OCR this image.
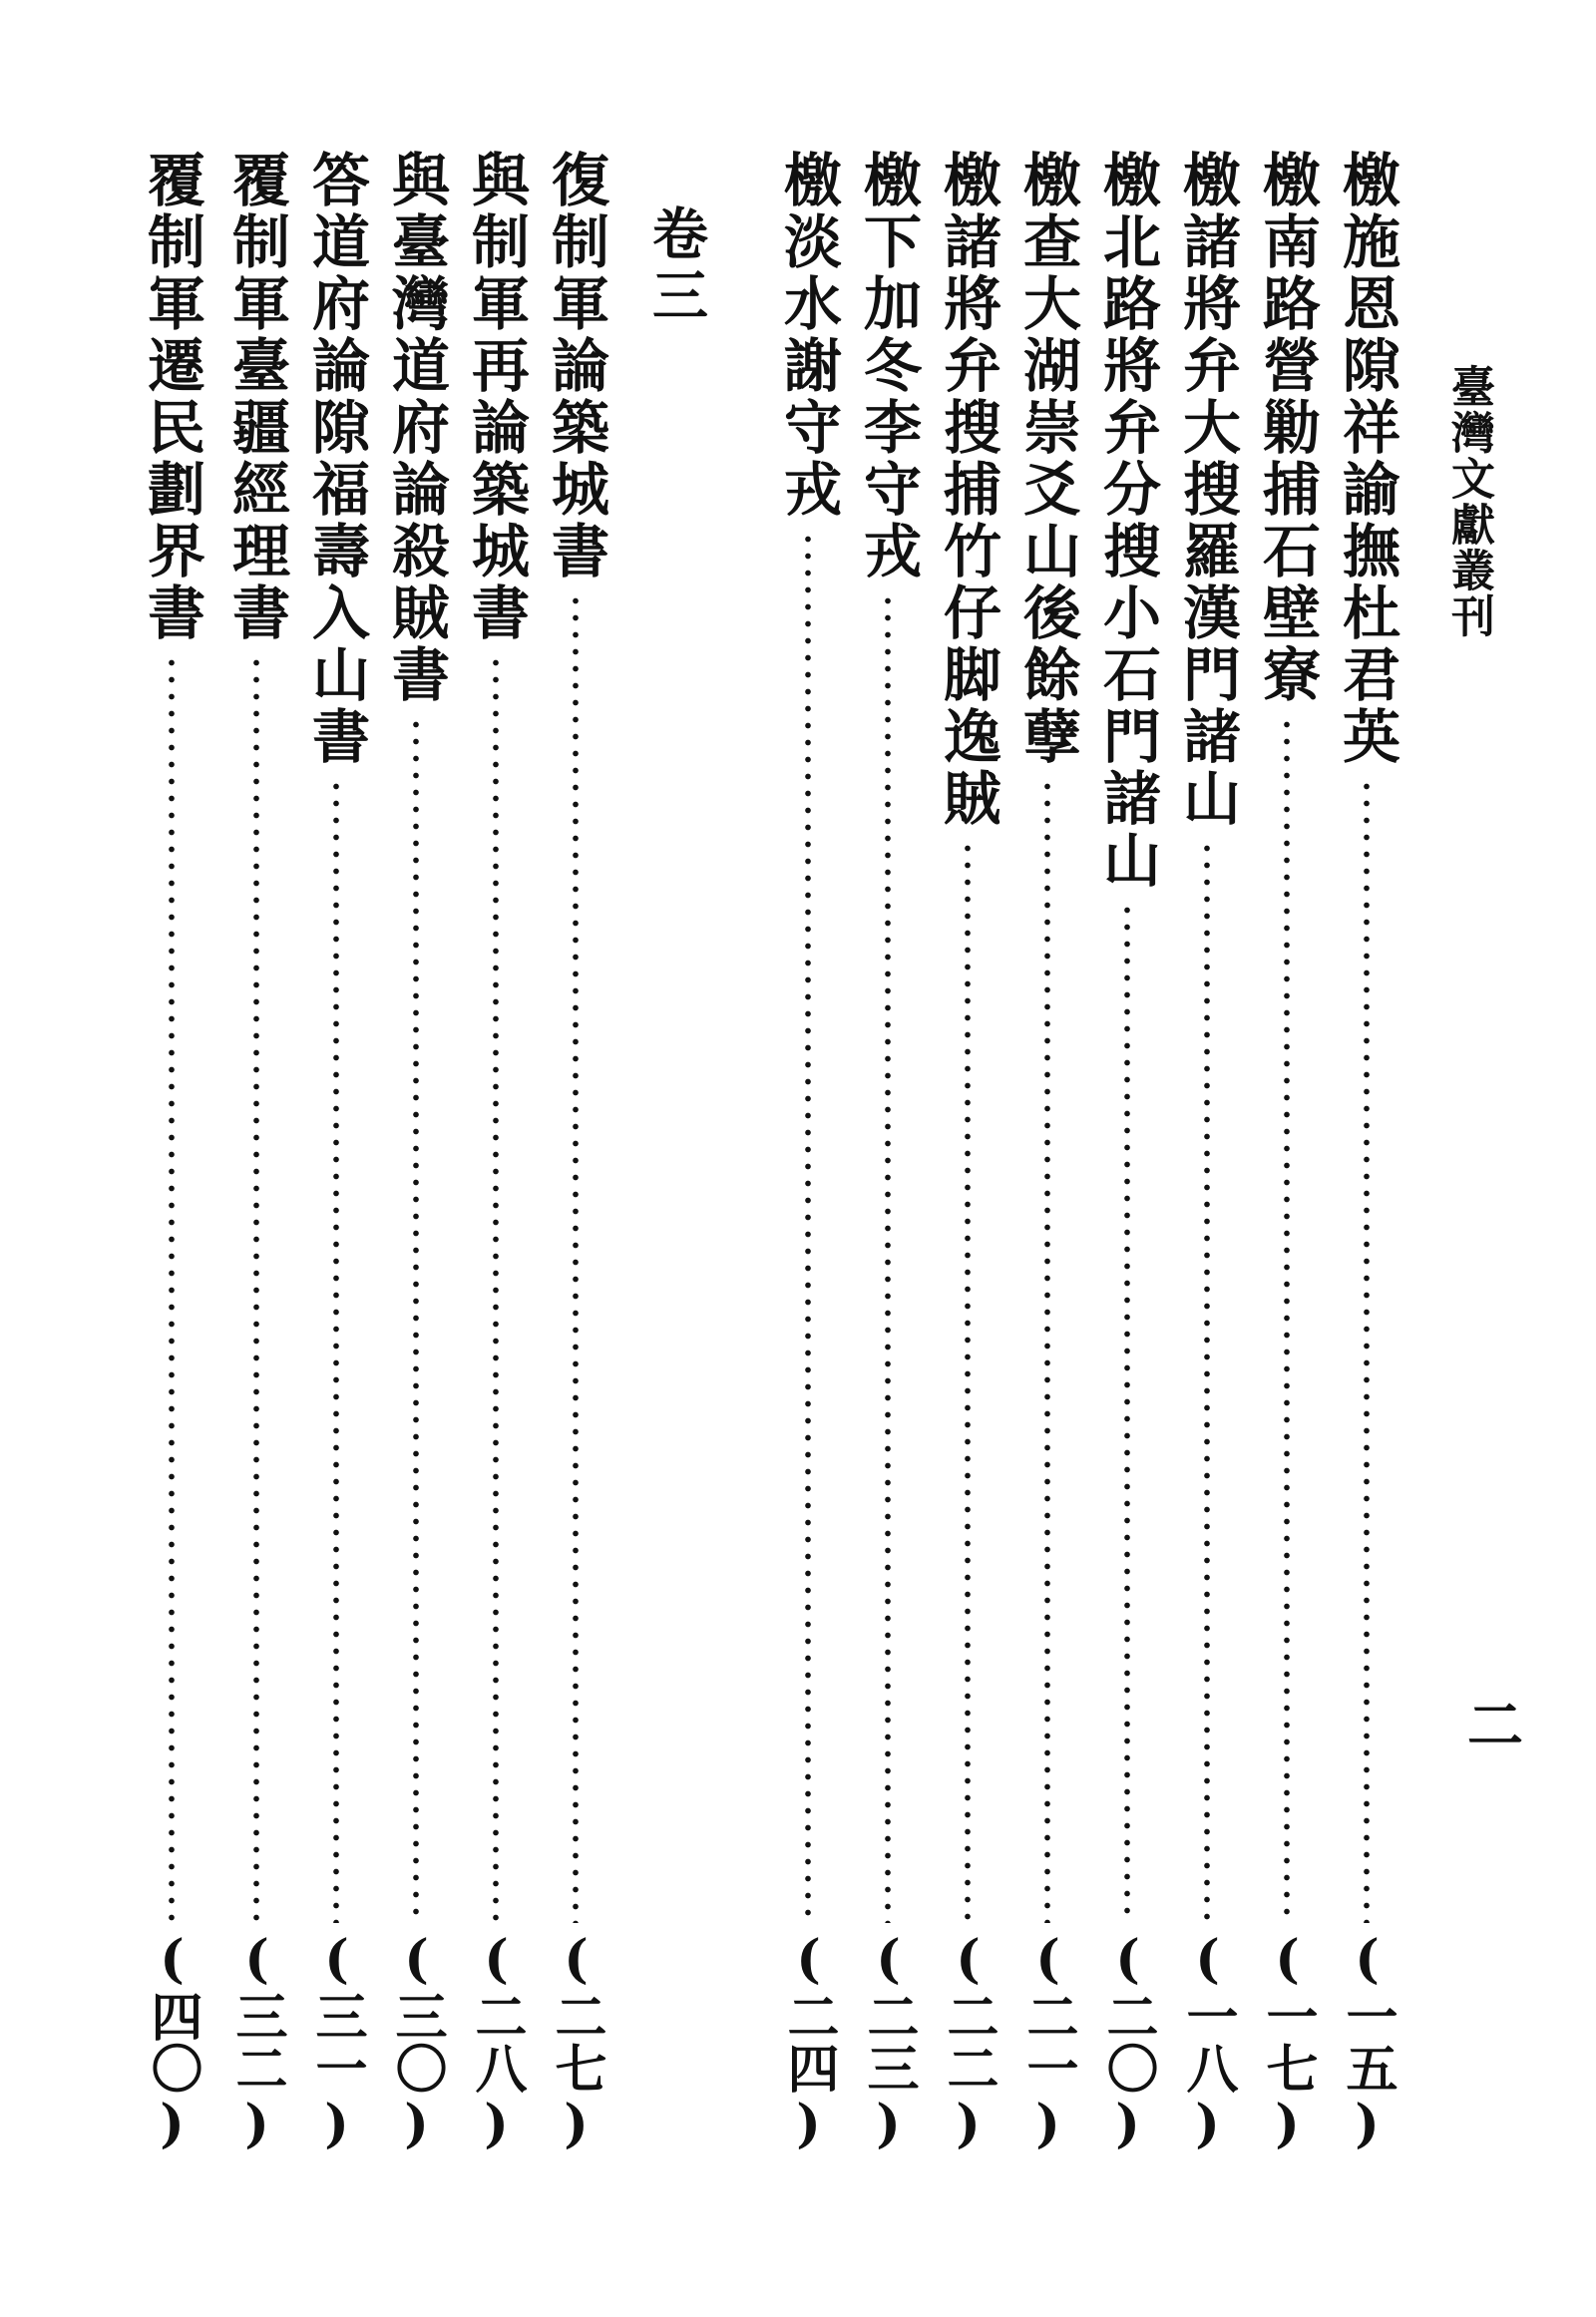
臺灣文獻叢刊
二
檄施恩隙祥諭撫杜君英
(一五)
檄南路營勦捕石壁寮
(一七)
檄諸將弁大搜羅漢門諸山
(一八)
檄北路將弁分搜小石門諸山
(二〇)
檄查大湖崇爻山後餘孽
(二一)
檄諸將弁搜捕竹仔脚逸賊
(二二)
檄下加冬李守戎
(二三)
檄淡水謝守戎
(二四)
卷三
復制軍論築城書
(二七)
與制軍再論築城書
(二八)
與臺灣道府論殺賊書
(三〇)
答道府論隙福壽入山書
(三一)
覆制軍臺疆經理書
(三二)
覆制軍遷民劃界書
(四〇)
